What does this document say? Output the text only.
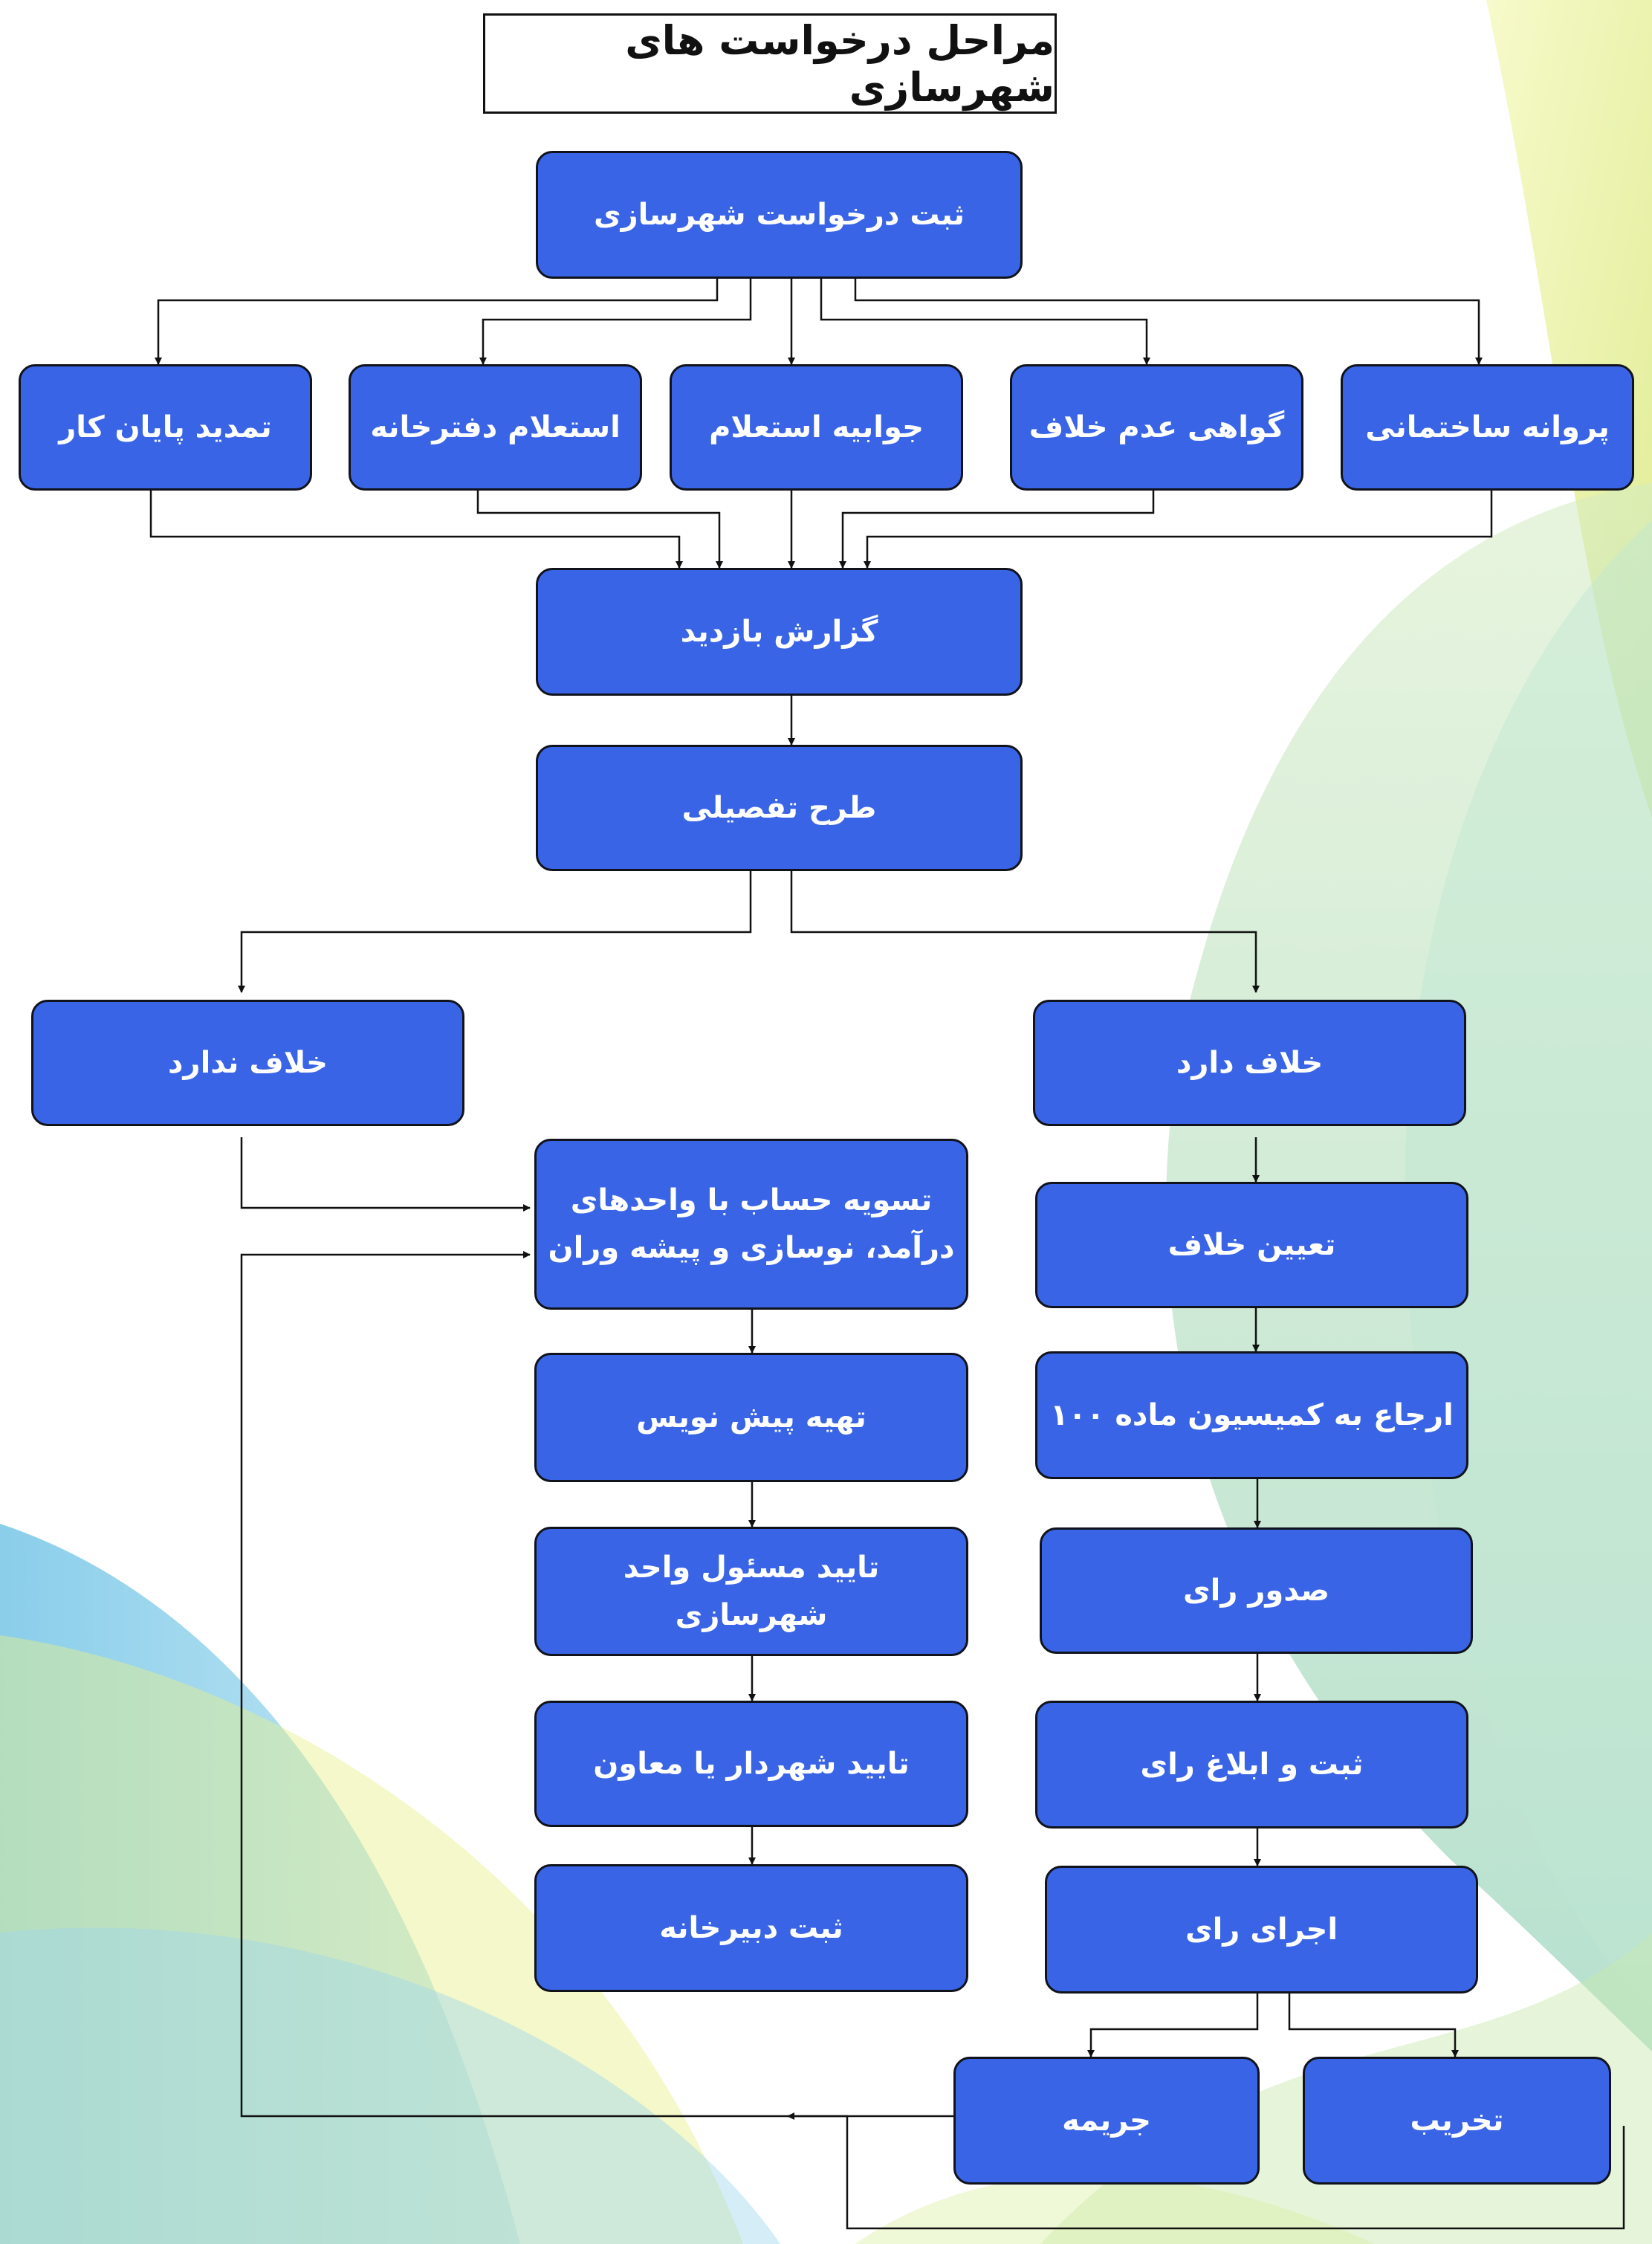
مراحل درخواست های شهرسازی
ثبت درخواست شهرسازی
پروانه ساختمانی
گواهی عدم خلاف
جوابیه استعلام
استعلام دفترخانه
تمدید پایان کار
گزارش بازدید
طرح تفصیلی
خلاف دارد
خلاف ندارد
تسویه حساب با واحدهای
درآمد، نوسازی و پیشه وران
تهیه پیش نویس
تایید مسئول واحد شهرسازی
تایید شهردار یا معاون
ثبت دبیرخانه
تعیین خلاف
ارجاع به کمیسیون ماده ۱۰۰
صدور رای
ثبت و ابلاغ رای
اجرای رای
جریمه	تخریب
